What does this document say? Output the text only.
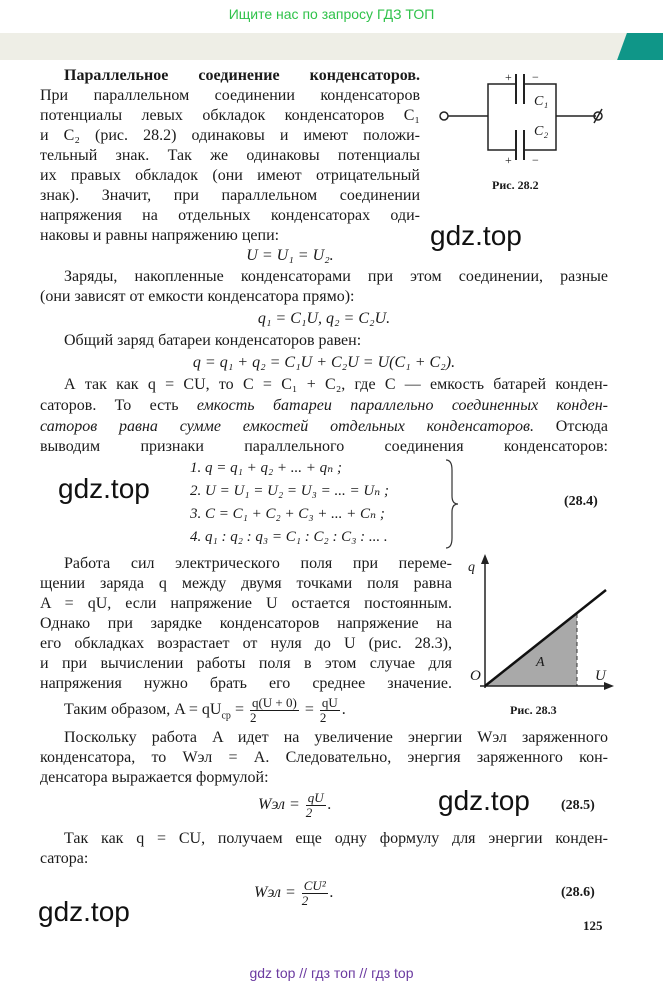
Ищите нас по запросу ГДЗ ТОП
Параллельное соединение конденсаторов.
При параллельном соединении конденсаторов
потенциалы левых обкладок конденсаторов C₁
и C₂ (рис. 28.2) одинаковы и имеют положи-
тельный знак. Так же одинаковы потенциалы
их правых обкладок (они имеют отрицательный
знак). Значит, при параллельном соединении
напряжения на отдельных конденсаторах оди-
наковы и равны напряжению цепи:
U = U₁ = U₂.
+ −
C₁
C₂
+ −
Рис. 28.2
Заряды, накопленные конденсаторами при этом соединении, разные
(они зависят от емкости конденсатора прямо):
q₁ = C₁U, q₂ = C₂U.
Общий заряд батареи конденсаторов равен:
q = q₁ + q₂ = C₁U + C₂U = U(C₁ + C₂).
А так как q = CU, то C = C₁ + C₂, где C — емкость батарей конден-
саторов. То есть емкость батареи параллельно соединенных конден-
саторов равна сумме емкостей отдельных конденсаторов. Отсюда
выводим признаки параллельного соединения конденсаторов:
1. q = q₁ + q₂ + ... + qₙ ;
2. U = U₁ = U₂ = U₃ = ... = Uₙ ;
3. C = C₁ + C₂ + C₃ + ... + Cₙ ;
4. q₁ : q₂ : q₃ = C₁ : C₂ : C₃ : ... .
(28.4)
Работа сил электрического поля при переме-
щении заряда q между двумя точками поля равна
A = qU, если напряжение U остается постоянным.
Однако при зарядке конденсаторов напряжение на
его обкладках возрастает от нуля до U (рис. 28.3),
и при вычислении работы поля в этом случае для
напряжения нужно брать его среднее значение.
Таким образом, $A = qU_{ср} = \frac{q(U + 0)}{2} = \frac{qU}{2}$ .
q
U
O
A
Рис. 28.3
Поскольку работа A идет на увеличение энергии Wэл заряженного
конденсатора, то Wэл = A. Следовательно, энергия заряженного кон-
денсатора выражается формулой:
Wэл = $\frac{qU}{2}$ .	(28.5)
Так как q = CU, получаем еще одну формулу для энергии конден-
сатора:
Wэл = $\frac{\text{CU²}}{2}$ .	(28.6)
125
gdz.top
gdz.top
gdz.top
gdz.top
gdz top // гдз топ // гдз top
